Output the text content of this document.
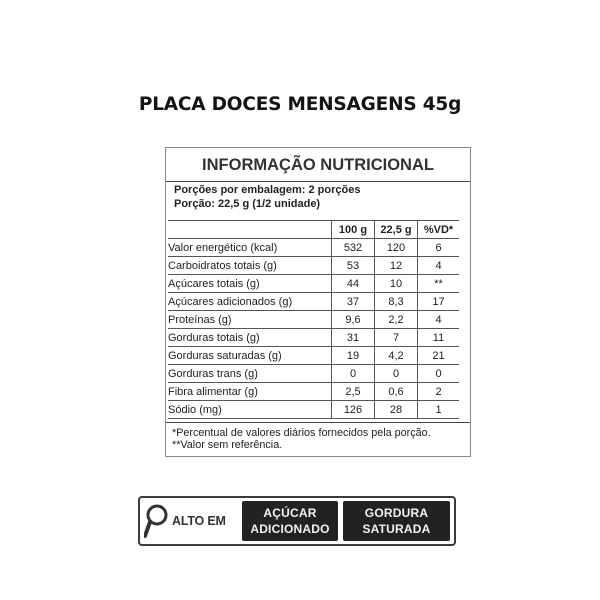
PLACA DOCES MENSAGENS 45g
INFORMAÇÃO NUTRICIONAL
Porções por embalagem: 2 porções
Porção: 22,5 g (1/2 unidade)
	100 g	22,5 g	%VD*
Valor energético (kcal)	532	120	6
Carboidratos totais (g)	53	12	4
Açúcares totais (g)	44	10	**
Açúcares adicionados (g)	37	8,3	17
Proteínas (g)	9,6	2,2	4
Gorduras totais (g)	31	7	11
Gorduras saturadas (g)	19	4,2	21
Gorduras trans (g)	0	0	0
Fibra alimentar (g)	2,5	0,6	2
Sódio (mg)	126	28	1
*Percentual de valores diários fornecidos pela porção.
**Valor sem referência.
ALTO EM
AÇÚCAR
ADICIONADO
GORDURA
SATURADA
